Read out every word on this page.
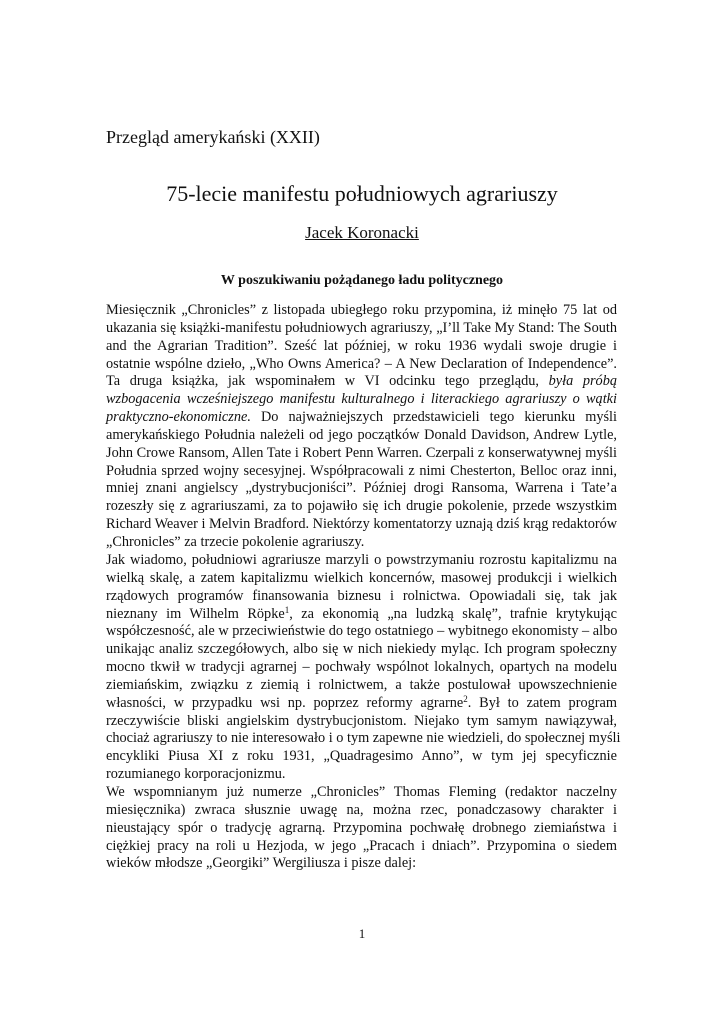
Przegląd amerykański (XXII)
75-lecie manifestu południowych agrariuszy
Jacek Koronacki
W poszukiwaniu pożądanego ładu politycznego
Miesięcznik „Chronicles” z listopada ubiegłego roku przypomina, iż minęło 75 lat od
ukazania się książki-manifestu południowych agrariuszy, „I’ll Take My Stand: The South
and the Agrarian Tradition”. Sześć lat później, w roku 1936 wydali swoje drugie i
ostatnie wspólne dzieło, „Who Owns America? – A New Declaration of Independence”.
Ta druga książka, jak wspominałem w VI odcinku tego przeglądu, była próbą
wzbogacenia wcześniejszego manifestu kulturalnego i literackiego agrariuszy o wątki
praktyczno-ekonomiczne. Do najważniejszych przedstawicieli tego kierunku myśli
amerykańskiego Południa należeli od jego początków Donald Davidson, Andrew Lytle,
John Crowe Ransom, Allen Tate i Robert Penn Warren. Czerpali z konserwatywnej myśli
Południa sprzed wojny secesyjnej. Współpracowali z nimi Chesterton, Belloc oraz inni,
mniej znani angielscy „dystrybucjoniści”. Później drogi Ransoma, Warrena i Tate’a
rozeszły się z agrariuszami, za to pojawiło się ich drugie pokolenie, przede wszystkim
Richard Weaver i Melvin Bradford. Niektórzy komentatorzy uznają dziś krąg redaktorów
„Chronicles” za trzecie pokolenie agrariuszy.
Jak wiadomo, południowi agrariusze marzyli o powstrzymaniu rozrostu kapitalizmu na
wielką skalę, a zatem kapitalizmu wielkich koncernów, masowej produkcji i wielkich
rządowych programów finansowania biznesu i rolnictwa. Opowiadali się, tak jak
nieznany im Wilhelm Röpke$^1$, za ekonomią „na ludzką skalę”, trafnie krytykując
współczesność, ale w przeciwieństwie do tego ostatniego – wybitnego ekonomisty – albo
unikając analiz szczegółowych, albo się w nich niekiedy myląc. Ich program społeczny
mocno tkwił w tradycji agrarnej – pochwały wspólnot lokalnych, opartych na modelu
ziemiańskim, związku z ziemią i rolnictwem, a także postulował upowszechnienie
własności, w przypadku wsi np. poprzez reformy agrarne$^2$. Był to zatem program
rzeczywiście bliski angielskim dystrybucjonistom. Niejako tym samym nawiązywał,
chociaż agrariuszy to nie interesowało i o tym zapewne nie wiedzieli, do społecznej myśli
encykliki Piusa XI z roku 1931, „Quadragesimo Anno”, w tym jej specyficznie
rozumianego korporacjonizmu.
We wspomnianym już numerze „Chronicles” Thomas Fleming (redaktor naczelny
miesięcznika) zwraca słusznie uwagę na, można rzec, ponadczasowy charakter i
nieustający spór o tradycję agrarną. Przypomina pochwałę drobnego ziemiaństwa i
ciężkiej pracy na roli u Hezjoda, w jego „Pracach i dniach”. Przypomina o siedem
wieków młodsze „Georgiki” Wergiliusza i pisze dalej:
1
